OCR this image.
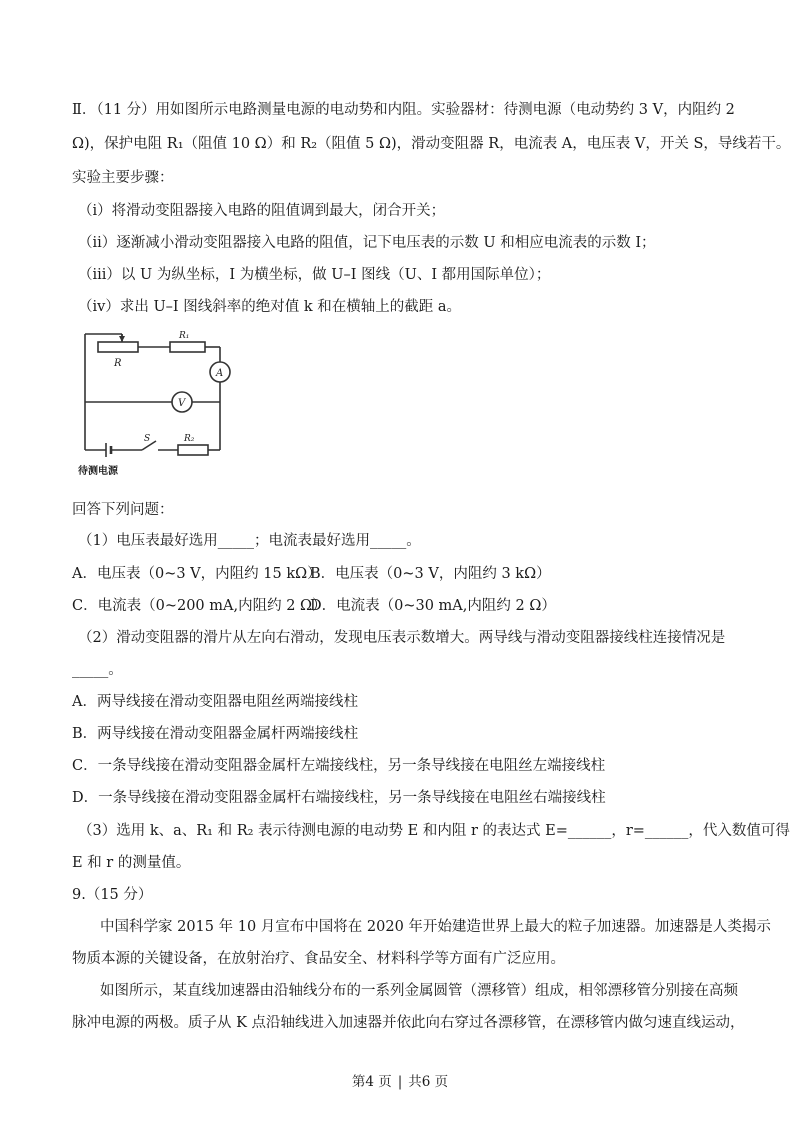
Ⅱ．（11 分）用如图所示电路测量电源的电动势和内阻。实验器材：待测电源（电动势约 3 V，内阻约 2
Ω)，保护电阻 R₁（阻值 10 Ω）和 R₂（阻值 5 Ω)，滑动变阻器 R，电流表 A，电压表 V，开关 S，导线若干。
实验主要步骤：
（i）将滑动变阻器接入电路的阻值调到最大，闭合开关；
（ii）逐渐减小滑动变阻器接入电路的阻值，记下电压表的示数 U 和相应电流表的示数 I；
（iii）以 U 为纵坐标，I 为横坐标，做 U–I 图线（U、I 都用国际单位）；
（iv）求出 U–I 图线斜率的绝对值 k 和在横轴上的截距 a。
R
R₁
A
V
S	R₂
待测电源
回答下列问题：
（1）电压表最好选用_____；电流表最好选用_____。
A．电压表（0~3 V，内阻约 15 kΩ）
B．电压表（0~3 V，内阻约 3 kΩ）
C．电流表（0~200 mA,内阻约 2 Ω）
D．电流表（0~30 mA,内阻约 2 Ω）
（2）滑动变阻器的滑片从左向右滑动，发现电压表示数增大。两导线与滑动变阻器接线柱连接情况是
_____。
A．两导线接在滑动变阻器电阻丝两端接线柱
B．两导线接在滑动变阻器金属杆两端接线柱
C．一条导线接在滑动变阻器金属杆左端接线柱，另一条导线接在电阻丝左端接线柱
D．一条导线接在滑动变阻器金属杆右端接线柱，另一条导线接在电阻丝右端接线柱
（3）选用 k、a、R₁ 和 R₂ 表示待测电源的电动势 E 和内阻 r 的表达式 E=______，r=______，代入数值可得
E 和 r 的测量值。
9.（15 分）
中国科学家 2015 年 10 月宣布中国将在 2020 年开始建造世界上最大的粒子加速器。加速器是人类揭示
物质本源的关键设备，在放射治疗、食品安全、材料科学等方面有广泛应用。
如图所示，某直线加速器由沿轴线分布的一系列金属圆管（漂移管）组成，相邻漂移管分别接在高频
脉冲电源的两极。质子从 K 点沿轴线进入加速器并依此向右穿过各漂移管，在漂移管内做匀速直线运动，
第4 页 | 共6 页
